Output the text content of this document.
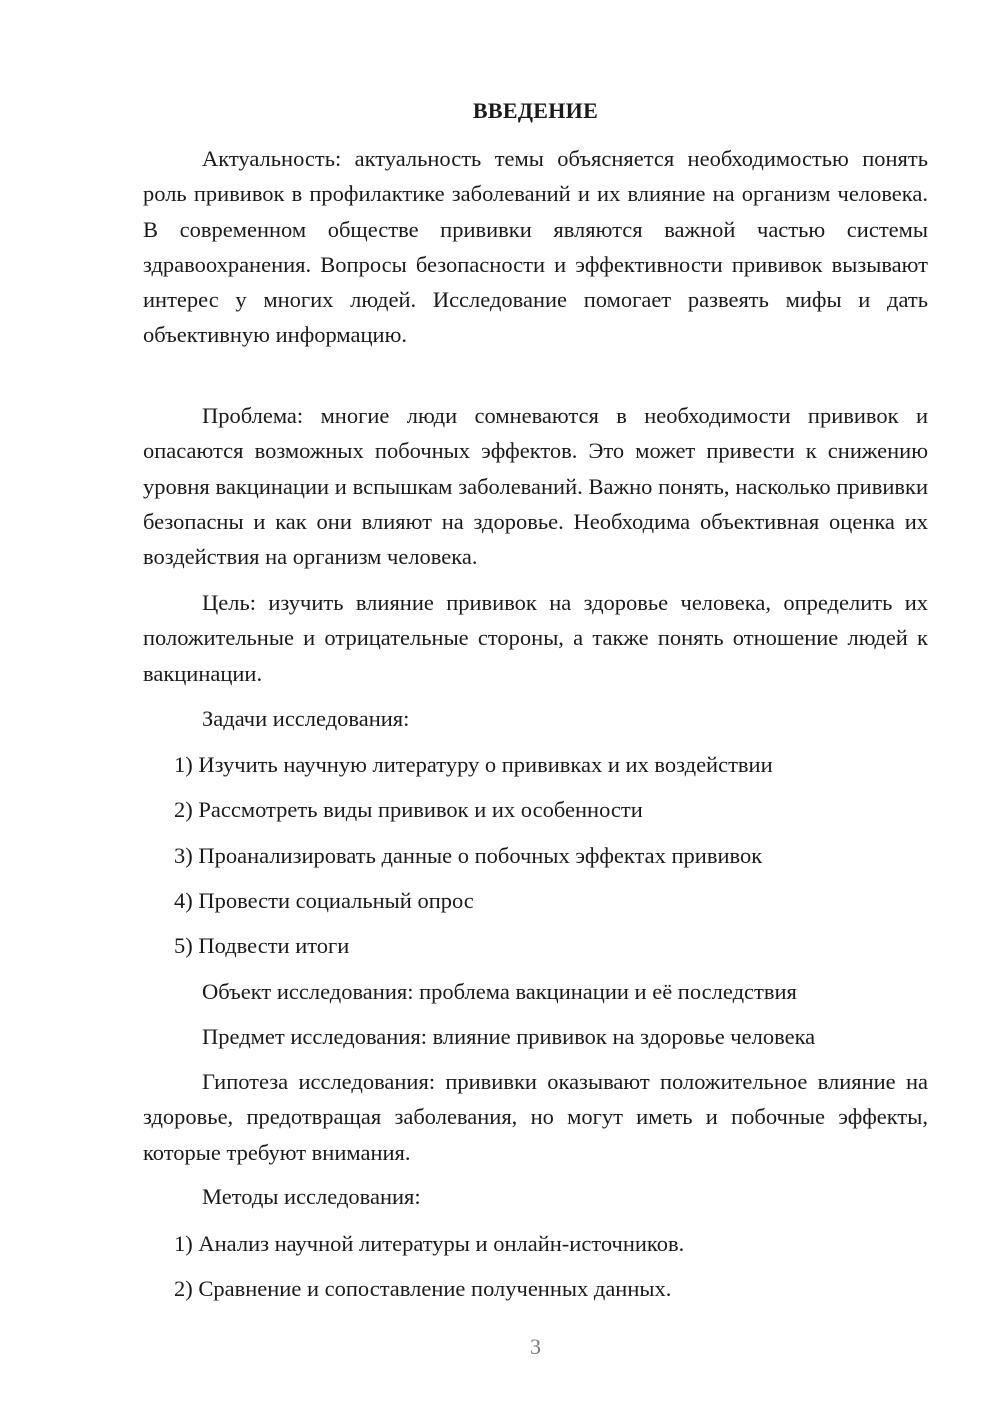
ВВЕДЕНИЕ

Актуальность: актуальность темы объясняется необходимостью понять роль прививок в профилактике заболеваний и их влияние на организм человека. В современном обществе прививки являются важной частью системы здравоохранения. Вопросы безопасности и эффективности прививок вызывают интерес у многих людей. Исследование помогает развеять мифы и дать объективную информацию.

Проблема: многие люди сомневаются в необходимости прививок и опасаются возможных побочных эффектов. Это может привести к снижению уровня вакцинации и вспышкам заболеваний. Важно понять, насколько прививки безопасны и как они влияют на здоровье. Необходима объективная оценка их воздействия на организм человека.

Цель: изучить влияние прививок на здоровье человека, определить их положительные и отрицательные стороны, а также понять отношение людей к вакцинации.

Задачи исследования:

1) Изучить научную литературу о прививках и их воздействии

2) Рассмотреть виды прививок и их особенности

3) Проанализировать данные о побочных эффектах прививок

4) Провести социальный опрос

5) Подвести итоги

Объект исследования: проблема вакцинации и её последствия

Предмет исследования: влияние прививок на здоровье человека

Гипотеза исследования: прививки оказывают положительное влияние на здоровье, предотвращая заболевания, но могут иметь и побочные эффекты, которые требуют внимания.

Методы исследования:

1) Анализ научной литературы и онлайн-источников.

2) Сравнение и сопоставление полученных данных.

3
